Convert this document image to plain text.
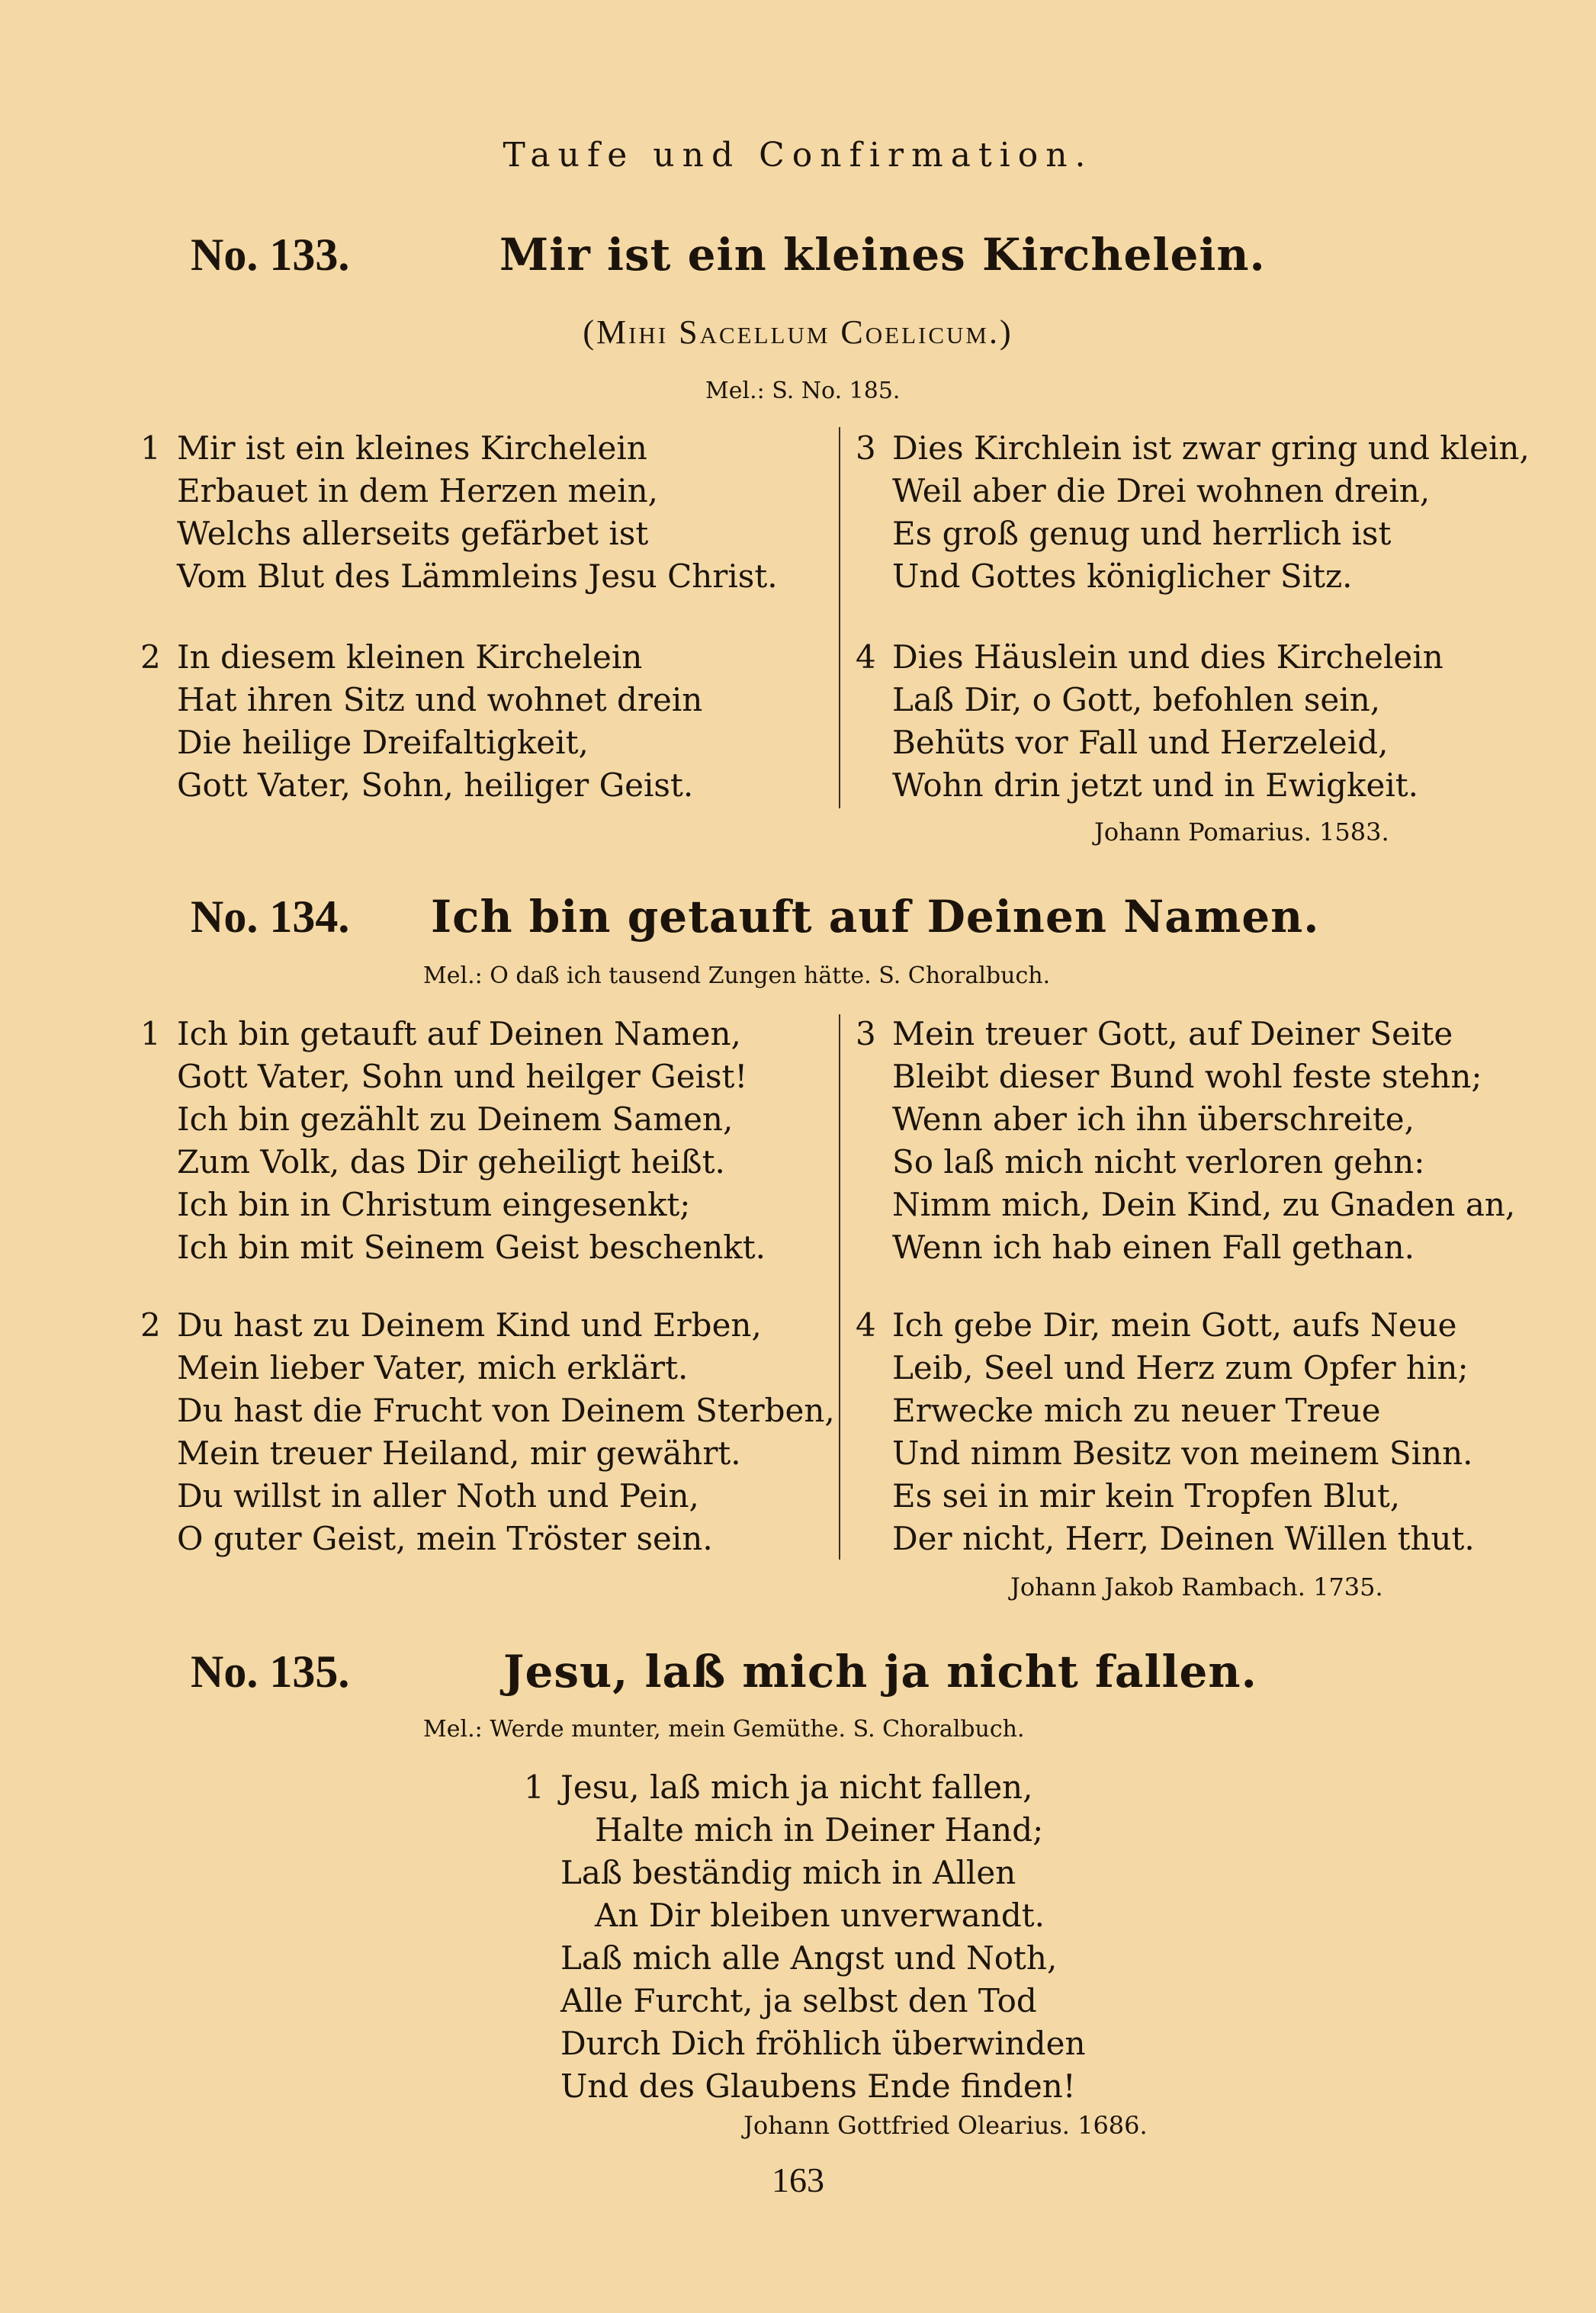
Taufe und Confirmation.
No. 133.	Mir ist ein kleines Kirchelein.
(Mihi Sacellum Coelicum.)
Mel.: S. No. 185.
1 Mir ist ein kleines Kirchelein
Erbauet in dem Herzen mein,
Welchs allerseits gefärbet ist
Vom Blut des Lämmleins Jesu Christ.
2 In diesem kleinen Kirchelein
Hat ihren Sitz und wohnet drein
Die heilige Dreifaltigkeit,
Gott Vater, Sohn, heiliger Geist.
3 Dies Kirchlein ist zwar gring und klein,
Weil aber die Drei wohnen drein,
Es groß genug und herrlich ist
Und Gottes königlicher Sitz.
4 Dies Häuslein und dies Kirchelein
Laß Dir, o Gott, befohlen sein,
Behüts vor Fall und Herzeleid,
Wohn drin jetzt und in Ewigkeit.
Johann Pomarius. 1583.
No. 134. Ich bin getauft auf Deinen Namen.
Mel.: O daß ich tausend Zungen hätte. S. Choralbuch.
1 Ich bin getauft auf Deinen Namen,
Gott Vater, Sohn und heilger Geist!
Ich bin gezählt zu Deinem Samen,
Zum Volk, das Dir geheiligt heißt.
Ich bin in Christum eingesenkt;
Ich bin mit Seinem Geist beschenkt.
2 Du hast zu Deinem Kind und Erben,
Mein lieber Vater, mich erklärt.
Du hast die Frucht von Deinem Sterben,
Mein treuer Heiland, mir gewährt.
Du willst in aller Noth und Pein,
O guter Geist, mein Tröster sein.
3 Mein treuer Gott, auf Deiner Seite
Bleibt dieser Bund wohl feste stehn;
Wenn aber ich ihn überschreite,
So laß mich nicht verloren gehn:
Nimm mich, Dein Kind, zu Gnaden an,
Wenn ich hab einen Fall gethan.
4 Ich gebe Dir, mein Gott, aufs Neue
Leib, Seel und Herz zum Opfer hin;
Erwecke mich zu neuer Treue
Und nimm Besitz von meinem Sinn.
Es sei in mir kein Tropfen Blut,
Der nicht, Herr, Deinen Willen thut.
Johann Jakob Rambach. 1735.
No. 135.	Jesu, laß mich ja nicht fallen.
Mel.: Werde munter, mein Gemüthe. S. Choralbuch.
1 Jesu, laß mich ja nicht fallen,
Halte mich in Deiner Hand;
Laß beständig mich in Allen
An Dir bleiben unverwandt.
Laß mich alle Angst und Noth,
Alle Furcht, ja selbst den Tod
Durch Dich fröhlich überwinden
Und des Glaubens Ende finden!
Johann Gottfried Olearius. 1686.
163
